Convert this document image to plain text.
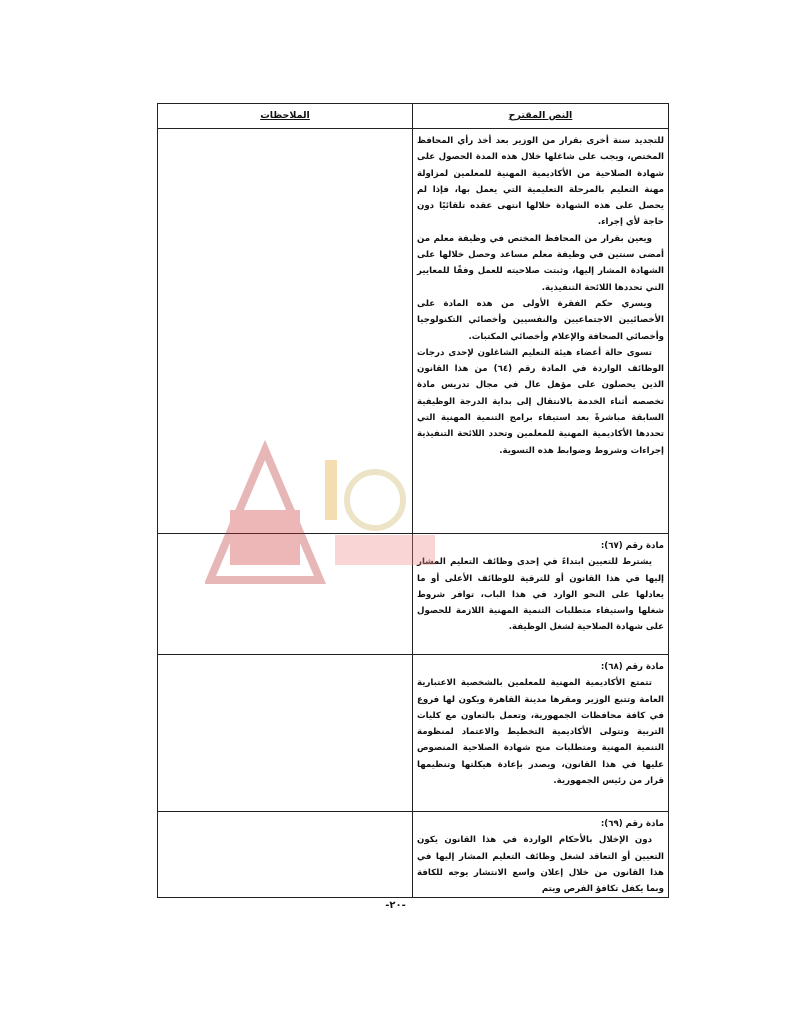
النص المقترح
الملاحظات

للتجديد سنة أخرى بقرار من الوزير بعد أخذ رأي المحافظ المختص، ويجب على شاغلها خلال هذه المدة الحصول على شهادة الصلاحية من الأكاديمية المهنية للمعلمين لمزاولة مهنة التعليم بالمرحلة التعليمية التي يعمل بها، فإذا لم يحصل على هذه الشهادة خلالها انتهى عقده تلقائيًا دون حاجة لأي إجراء.

ويعين بقرار من المحافظ المختص في وظيفة معلم من أمضى سنتين في وظيفة معلم مساعد وحصل خلالها على الشهادة المشار إليها، وثبتت صلاحيته للعمل وفقًا للمعايير التي تحددها اللائحة التنفيذية.

ويسري حكم الفقرة الأولى من هذه المادة على الأخصائيين الاجتماعيين والنفسيين وأخصائي التكنولوجيا وأخصائي الصحافة والإعلام وأخصائي المكتبات.

تسوى حالة أعضاء هيئة التعليم الشاغلون لإحدى درجات الوظائف الواردة في المادة رقم (٦٤) من هذا القانون الذين يحصلون على مؤهل عال في مجال تدريس مادة تخصصه أثناء الخدمة بالانتقال إلى بداية الدرجة الوظيفية السابقة مباشرةً بعد استيفاء برامج التنمية المهنية التي تحددها الأكاديمية المهنية للمعلمين وتحدد اللائحة التنفيذية إجراءات وشروط وضوابط هذه التسوية.

مادة رقم (٦٧):

يشترط للتعيين ابتداءً في إحدى وظائف التعليم المشار إليها في هذا القانون أو للترقية للوظائف الأعلى أو ما يعادلها على النحو الوارد في هذا الباب، توافر شروط شغلها واستيفاء متطلبات التنمية المهنية اللازمة للحصول على شهادة الصلاحية لشغل الوظيفة.

مادة رقم (٦٨):

تتمتع الأكاديمية المهنية للمعلمين بالشخصية الاعتبارية العامة وتتبع الوزير ومقرها مدينة القاهرة ويكون لها فروع في كافة محافظات الجمهورية، وتعمل بالتعاون مع كليات التربية وتتولى الأكاديمية التخطيط والاعتماد لمنظومة التنمية المهنية ومتطلبات منح شهادة الصلاحية المنصوص عليها في هذا القانون، ويصدر بإعادة هيكلتها وتنظيمها قرار من رئيس الجمهورية.

مادة رقم (٦٩):

دون الإخلال بالأحكام الواردة في هذا القانون يكون التعيين أو التعاقد لشغل وظائف التعليم المشار إليها في هذا القانون من خلال إعلان واسع الانتشار يوجه للكافة وبما يكفل تكافؤ الفرص ويتم

-٢٠-
